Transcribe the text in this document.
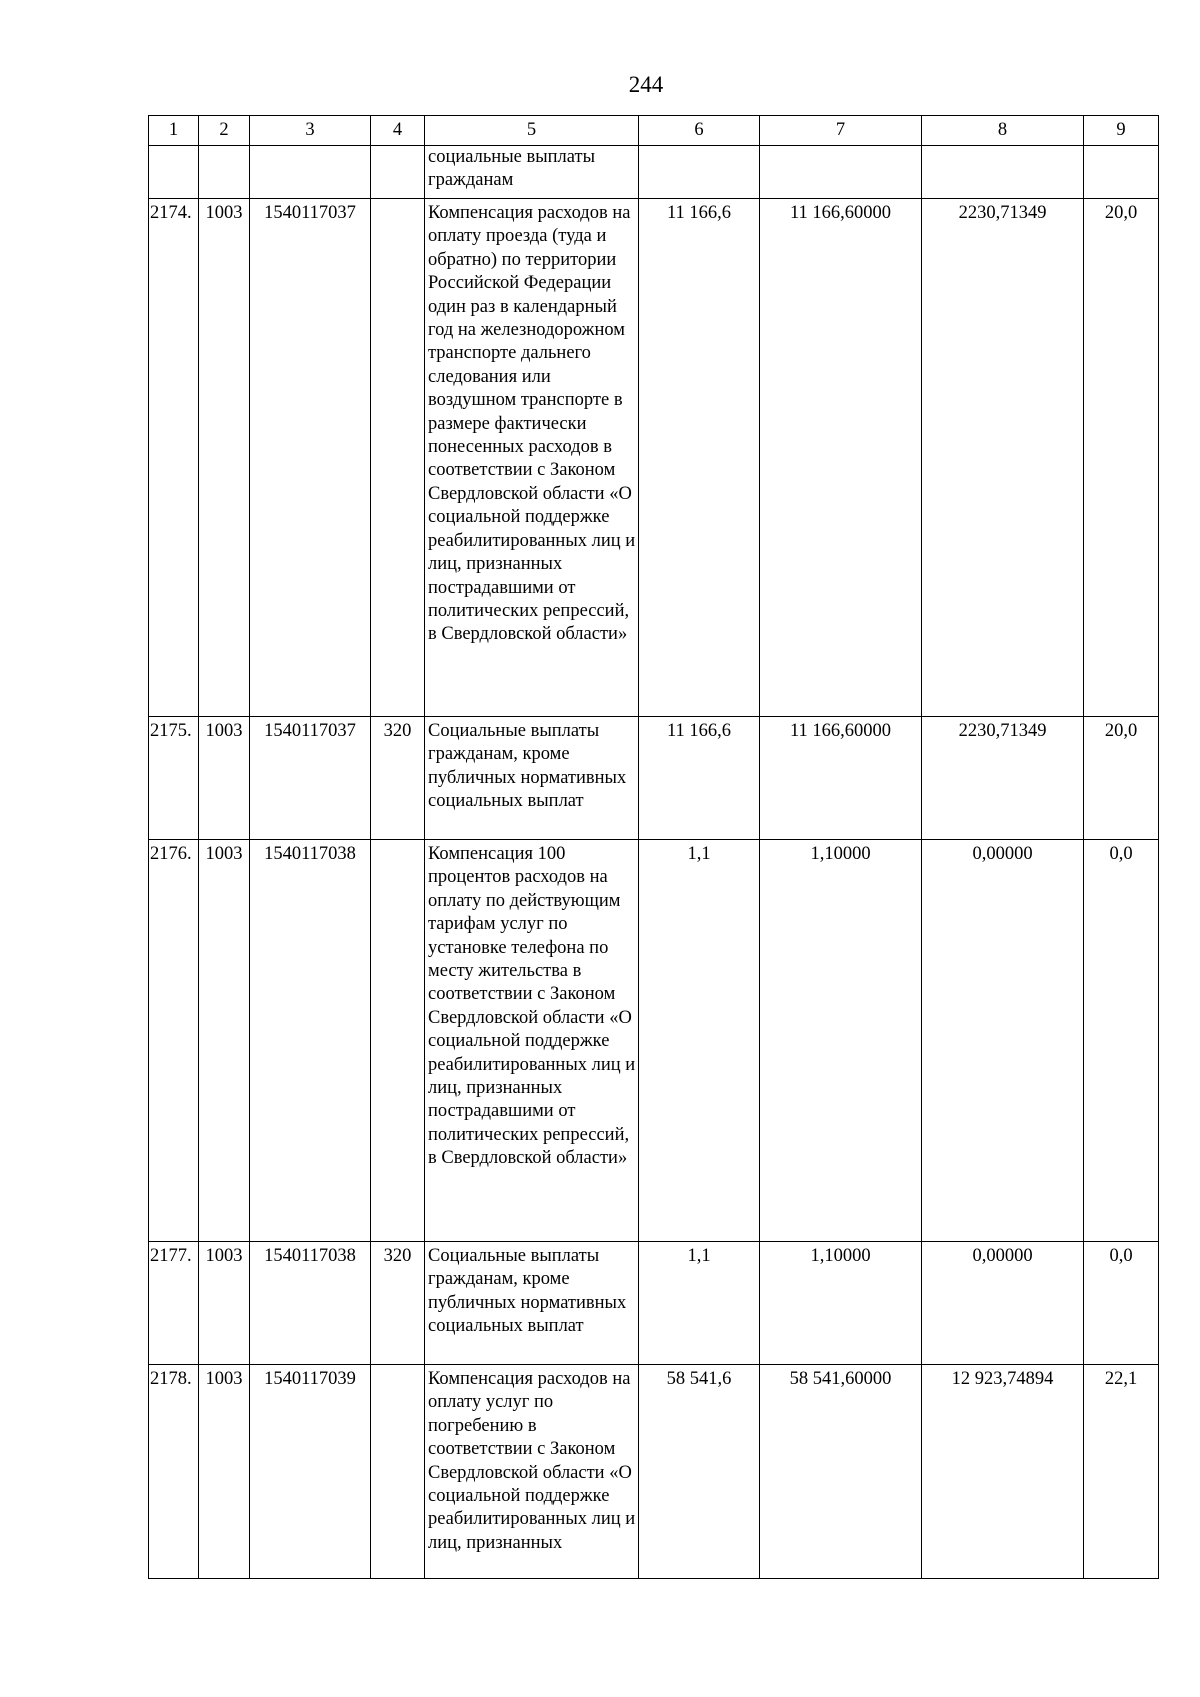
244
1	2	3	4	5	6	7	8	9
				социальные выплаты гражданам				
2174.	1003	1540117037		Компенсация расходов на оплату проезда (туда и обратно) по территории Российской Федерации один раз в календарный год на железнодорожном транспорте дальнего следования или воздушном транспорте в размере фактически понесенных расходов в соответствии с Законом Свердловской области «О социальной поддержке реабилитированных лиц и лиц, признанных пострадавшими от политических репрессий, в Свердловской области»	11 166,6	11 166,60000	2230,71349	20,0
2175.	1003	1540117037	320	Социальные выплаты гражданам, кроме публичных нормативных социальных выплат	11 166,6	11 166,60000	2230,71349	20,0
2176.	1003	1540117038		Компенсация 100 процентов расходов на оплату по действующим тарифам услуг по установке телефона по месту жительства в соответствии с Законом Свердловской области «О социальной поддержке реабилитированных лиц и лиц, признанных пострадавшими от политических репрессий, в Свердловской области»	1,1	1,10000	0,00000	0,0
2177.	1003	1540117038	320	Социальные выплаты гражданам, кроме публичных нормативных социальных выплат	1,1	1,10000	0,00000	0,0
2178.	1003	1540117039		Компенсация расходов на оплату услуг по погребению в соответствии с Законом Свердловской области «О социальной поддержке реабилитированных лиц и лиц, признанных	58 541,6	58 541,60000	12 923,74894	22,1
